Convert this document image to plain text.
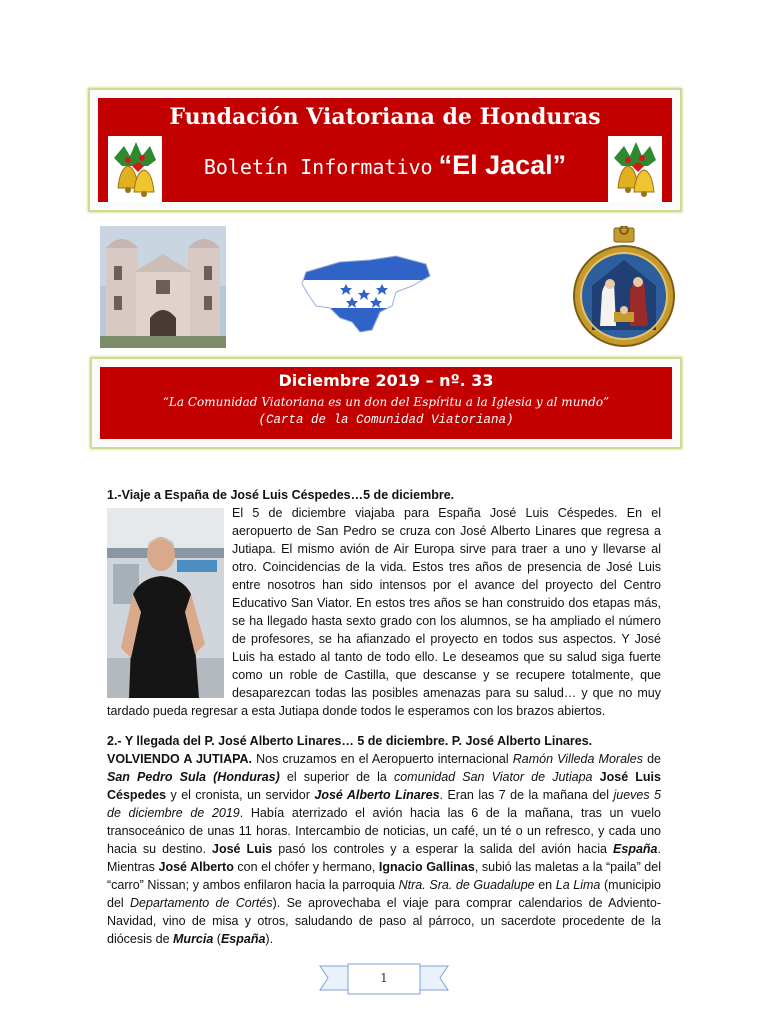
Fundación Viatoriana de Honduras
Boletín Informativo “El Jacal”
Diciembre 2019 – nº. 33
“La Comunidad Viatoriana es un don del Espíritu a la Iglesia y al mundo”
(Carta de la Comunidad Viatoriana)

1.-Viaje a España de José Luis Céspedes…5 de diciembre.

El 5 de diciembre viajaba para España José Luis Céspedes. En el aeropuerto de San Pedro se cruza con José Alberto Linares que regresa a Jutiapa. El mismo avión de Air Europa sirve para traer a uno y llevarse al otro. Coincidencias de la vida. Estos tres años de presencia de José Luis entre nosotros han sido intensos por el avance del proyecto del Centro Educativo San Viator. En estos tres años se han construido dos etapas más, se ha llegado hasta sexto grado con los alumnos, se ha ampliado el número de profesores, se ha afianzado el proyecto en todos sus aspectos. Y José Luis ha estado al tanto de todo ello. Le deseamos que su salud siga fuerte como un roble de Castilla, que descanse y se recupere totalmente, que desaparezcan todas las posibles amenazas para su salud… y que no muy tardado pueda regresar a esta Jutiapa donde todos le esperamos con los brazos abiertos.

2.- Y llegada del P. José Alberto Linares… 5 de diciembre. P. José Alberto Linares.

VOLVIENDO A JUTIAPA. Nos cruzamos en el Aeropuerto internacional Ramón Villeda Morales de San Pedro Sula (Honduras) el superior de la comunidad San Viator de Jutiapa José Luis Céspedes y el cronista, un servidor José Alberto Linares. Eran las 7 de la mañana del jueves 5 de diciembre de 2019. Había aterrizado el avión hacia las 6 de la mañana, tras un vuelo transoceánico de unas 11 horas. Intercambio de noticias, un café, un té o un refresco, y cada uno hacia su destino. José Luis pasó los controles y a esperar la salida del avión hacia España. Mientras José Alberto con el chófer y hermano, Ignacio Gallinas, subió las maletas a la “paila” del “carro” Nissan; y ambos enfilaron hacia la parroquia Ntra. Sra. de Guadalupe en La Lima (municipio del Departamento de Cortés). Se aprovechaba el viaje para comprar calendarios de Adviento-Navidad, vino de misa y otros, saludando de paso al párroco, un sacerdote procedente de la diócesis de Murcia (España).

1
